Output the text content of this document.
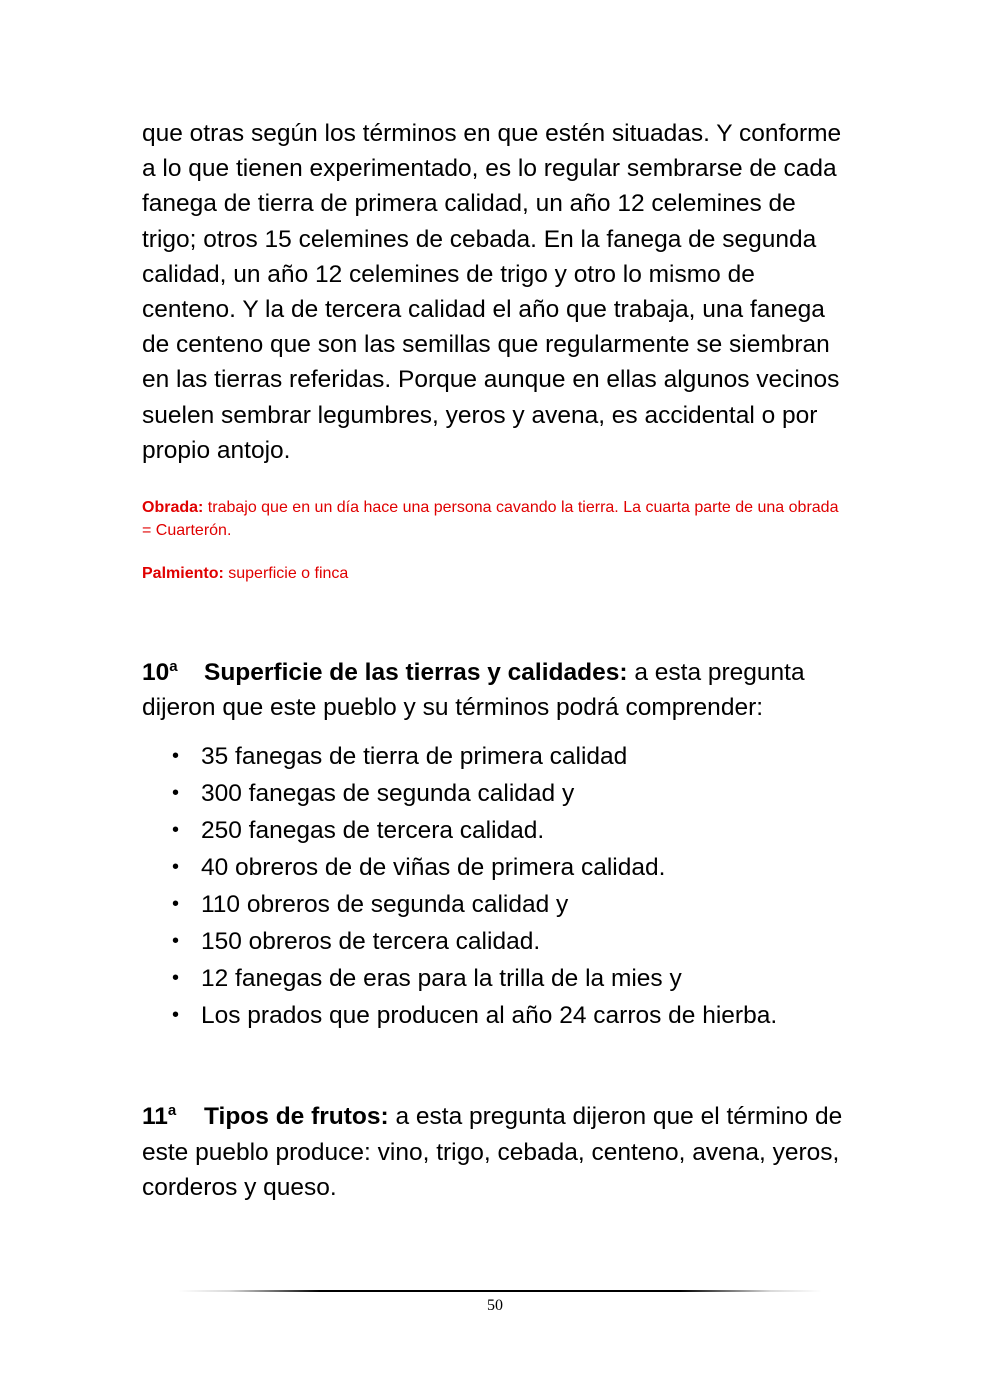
que otras según los términos en que estén situadas. Y conforme a lo que tienen experimentado, es lo regular sembrarse de cada fanega de tierra de primera calidad, un año 12 celemines de trigo; otros 15 celemines de cebada. En la fanega de segunda calidad, un año 12 celemines de trigo y otro lo mismo de centeno. Y la de tercera calidad el año que trabaja, una fanega de centeno que son las semillas que regularmente se siembran en las tierras referidas. Porque aunque en ellas algunos vecinos suelen sembrar legumbres, yeros y avena, es accidental o por propio antojo.

Obrada: trabajo que en un día hace una persona cavando la tierra. La cuarta parte de una obrada = Cuarterón.

Palmiento: superficie o finca

10$^a$ Superficie de las tierras y calidades: a esta pregunta dijeron que este pueblo y su términos podrá comprender:

• 35 fanegas de tierra de primera calidad
• 300 fanegas de segunda calidad y
• 250 fanegas de tercera calidad.
• 40 obreros de de viñas de primera calidad.
• 110 obreros de segunda calidad y
• 150 obreros de tercera calidad.
• 12 fanegas de eras para la trilla de la mies y
• Los prados que producen al año 24 carros de hierba.

11$^a$ Tipos de frutos: a esta pregunta dijeron que el término de este pueblo produce: vino, trigo, cebada, centeno, avena, yeros, corderos y queso.

50
